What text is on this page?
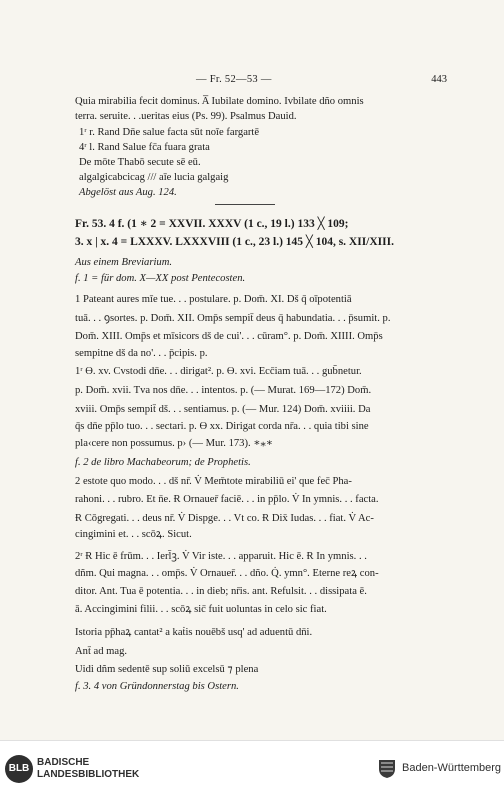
— Fr. 52—53 —	443
Quia mirabilia fecit dominus. A̅ Iubilate domino. Ivbilate dño omnis
terra. seruite. . .ueritas eius (Ps. 99). Psalmus Dauid.
1ʳ r. Rand Dn̄e salue facta sūt noīe fargartē
4ʳ l. Rand Salue fc̄a fuara grata
De mōte Thabō secute sē eū.
algalgicabcicag /// aīe lucia galgaig
Abgelöst aus Aug. 124.
Fr. 53. 4 f. (1 ∗ 2 = XXVII. XXXV (1 c., 19 l.) 133 ╳ 109;
3. x | x. 4 = LXXXV. LXXXVIII (1 c., 23 l.) 145 ╳ 104, s. XII/XIII.
Aus einem Breviarium.
f. 1 = für dom. X—XX post Pentecosten.
1 Pateant aures mīe tue. . . postulare. p. Dom̄. XI. Dš q̄ oīpotentiā
tuā. . . ꝯsortes. p. Dom̄. XII. Omp̄s sempit̄ deus q̄ habundatia. . . p̄sumit. p.
Dom̄. XIII. Omp̄s et mīsicors dš de cui'. . . cūram°. p. Dom̄. XIIII. Omp̄s
sempitne dš da no'. . . p̄cipis. p.
1ʳ ϴ. xv. Cvstodi dn̄e. . . dirigat². p. ϴ. xvi. Ecc̄iam tuā. . . gub̄netur.
p. Dom̄. xvii. Tva nos dn̄e. . . intentos. p. (— Murat. 169—172) Dom̄.
xviii. Omp̄s sempit̄ dš. . . sentiamus. p. (— Mur. 124) Dom̄. xviiii. Da
q̄s dn̄e pp̄lo tuo. . . sectari. p. ϴ xx. Dirigat corda nr̄a. . . quia tibi sine
pla‹cere non possumus. p› (— Mur. 173). ∗⁎∗
f. 2 de libro Machabeorum; de Prophetis.
2 estote quo modo. . . dš nr̄. V̇ Mem̄tote mirabiliū ei' que fec̄ Pha-
rahoni. . . rubro. Et n̄e. Ɍ Ornauer̄ faciē. . . in pp̄lo. V̇ In ymnis. . . facta.
Ɍ Cōgregati. . . deus nr̄. V̇ Dispge. . . Vt co. Ɍ Dix̄ Iudas. . . fiat. V̇ Ac-
cingimini et. . . scōꝝ. Sicut.
2ʳ Ɍ Hic ē frūm. . . Ierl̄ꝫ. V̇ Vir iste. . . apparuit. Hic ē. Ɍ In ymnis. . .
dñm. Qui magna. . . omp̄s. V̇ Ornauer̄. . . dño. Q̇. ymn°. Eterne reꝝ con-
ditor. Ant. Tua ē potentia. . . in dieb; nr̄is. ant. Refulsit. . . dissipata ē.
ā. Accingimini filii. . . scōꝝ sic̄ fuit uoluntas in celo sic fiat.
Istoria pp̄haꝝ cantat² a kaṫis nouēbš usq' ad aduentū dn̄i.
Ant̄ ad mag.
Uidi dñm sedentē sup soliū excelsū ⁊ plena
f. 3. 4 von Gründonnerstag bis Ostern.
BLB
BADISCHE
LANDESBIBLIOTHEK
Baden-Württemberg
